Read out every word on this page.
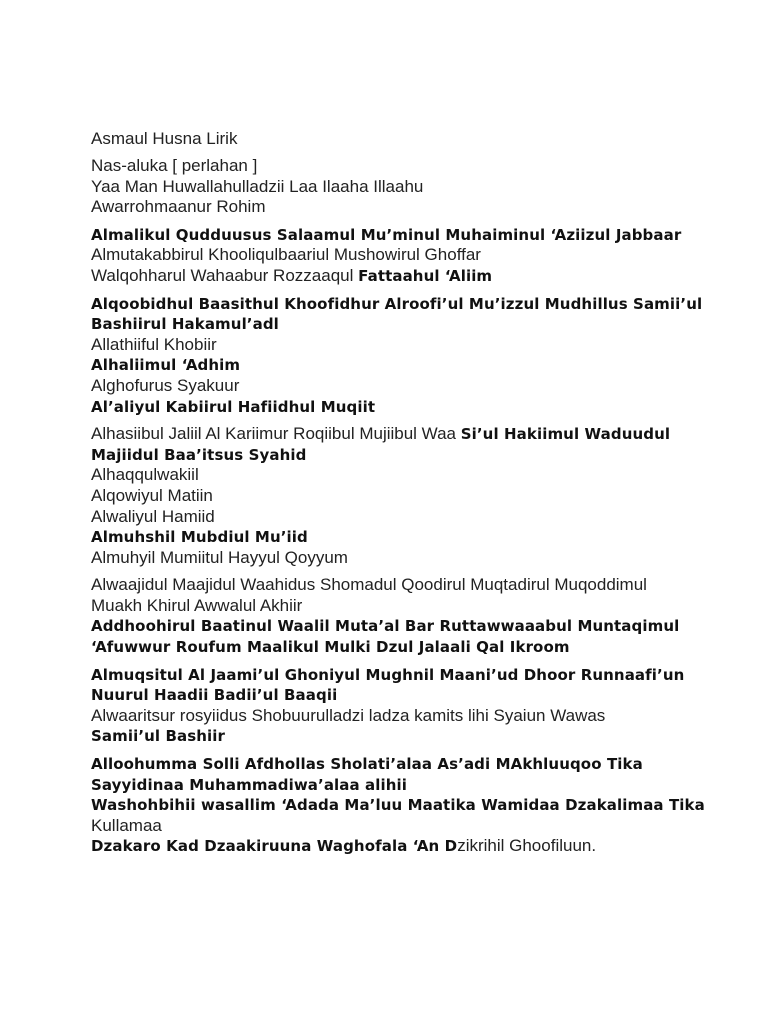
Asmaul Husna Lirik
Nas-aluka [ perlahan ]
Yaa Man Huwallahulladzii Laa Ilaaha Illaahu
Awarrohmaanur Rohim
Almalikul Qudduusus Salaamul Mu’minul Muhaiminul ‘Aziizul Jabbaar
Almutakabbirul Khooliqulbaariul Mushowirul Ghoffar
Walqohharul Wahaabur Rozzaaqul Fattaahul ‘Aliim
Alqoobidhul Baasithul Khoofidhur Alroofi’ul Mu’izzul Mudhillus Samii’ul
Bashiirul Hakamul’adl
Allathiiful Khobiir
Alhaliimul ‘Adhim
Alghofurus Syakuur
Al’aliyul Kabiirul Hafiidhul Muqiit
Alhasiibul Jaliil Al Kariimur Roqiibul Mujiibul Waa Si’ul Hakiimul Waduudul
Majiidul Baa’itsus Syahid
Alhaqqulwakiil
Alqowiyul Matiin
Alwaliyul Hamiid
Almuhshil Mubdiul Mu’iid
Almuhyil Mumiitul Hayyul Qoyyum
Alwaajidul Maajidul Waahidus Shomadul Qoodirul Muqtadirul Muqoddimul
Muakh Khirul Awwalul Akhiir
Addhoohirul Baatinul Waalil Muta’al Bar Ruttawwaaabul Muntaqimul
‘Afuwwur Roufum Maalikul Mulki Dzul Jalaali Qal Ikroom
Almuqsitul Al Jaami’ul Ghoniyul Mughnil Maani’ud Dhoor Runnaafi’un
Nuurul Haadii Badii’ul Baaqii
Alwaaritsur rosyiidus Shobuurulladzi ladza kamits lihi Syaiun Wawas
Samii’ul Bashiir
Alloohumma Solli Afdhollas Sholati’alaa As’adi MAkhluuqoo Tika
Sayyidinaa Muhammadiwa’alaa alihii
Washohbihii wasallim ‘Adada Ma’luu Maatika Wamidaa Dzakalimaa Tika
Kullamaa
Dzakaro Kad Dzaakiruuna Waghofala ‘An Dzikrihil Ghoofiluun.
